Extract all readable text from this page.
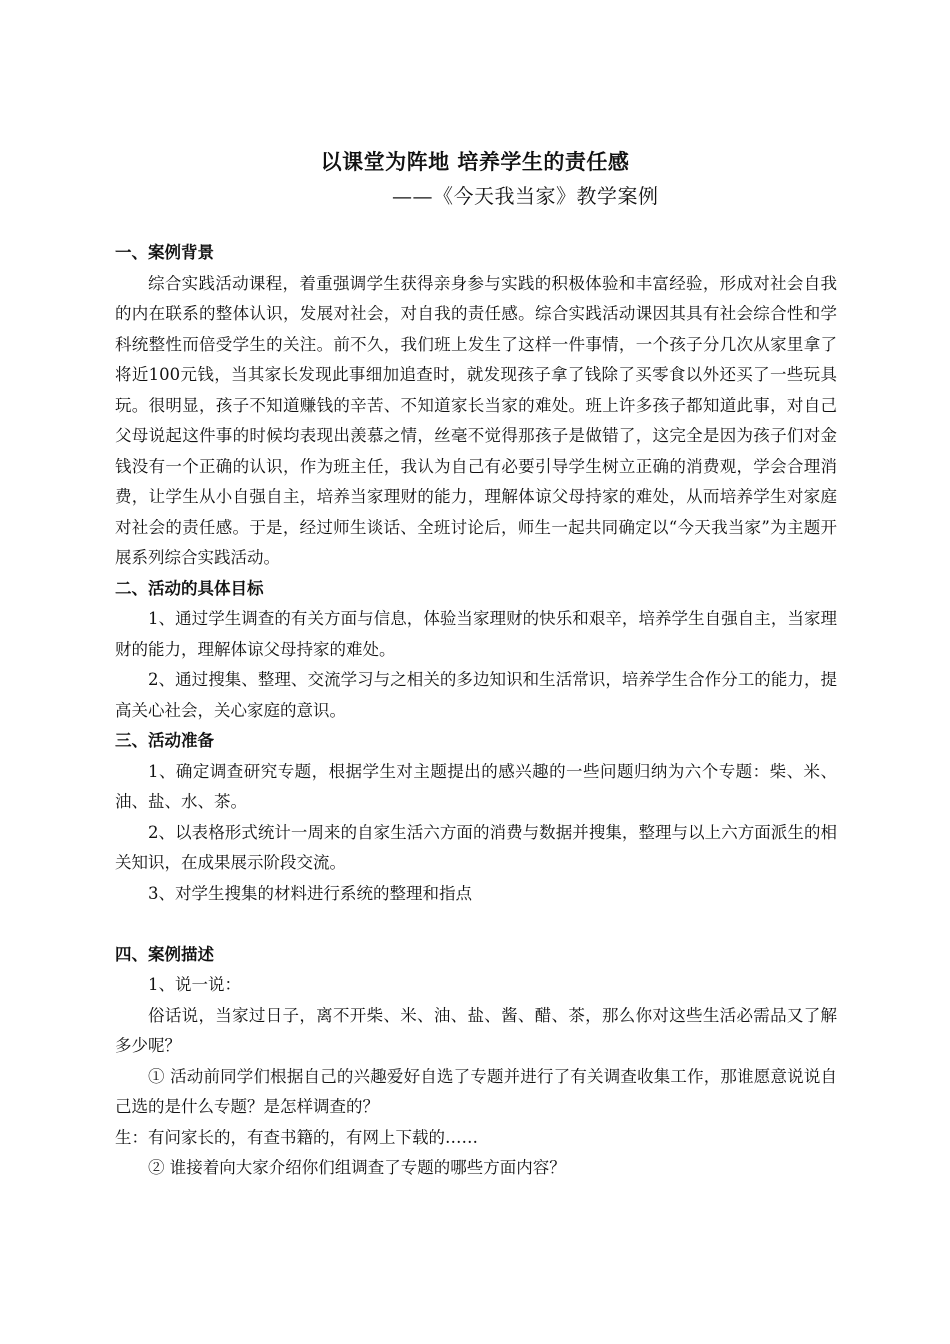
以课堂为阵地 培养学生的责任感
——《今天我当家》教学案例

一、案例背景

综合实践活动课程，着重强调学生获得亲身参与实践的积极体验和丰富经验，形成对社会自我的内在联系的整体认识，发展对社会，对自我的责任感。综合实践活动课因其具有社会综合性和学科统整性而倍受学生的关注。前不久，我们班上发生了这样一件事情，一个孩子分几次从家里拿了将近100元钱，当其家长发现此事细加追查时，就发现孩子拿了钱除了买零食以外还买了一些玩具玩。很明显，孩子不知道赚钱的辛苦、不知道家长当家的难处。班上许多孩子都知道此事，对自己父母说起这件事的时候均表现出羡慕之情，丝毫不觉得那孩子是做错了，这完全是因为孩子们对金钱没有一个正确的认识，作为班主任，我认为自己有必要引导学生树立正确的消费观，学会合理消费，让学生从小自强自主，培养当家理财的能力，理解体谅父母持家的难处，从而培养学生对家庭对社会的责任感。于是，经过师生谈话、全班讨论后，师生一起共同确定以“今天我当家”为主题开展系列综合实践活动。

二、活动的具体目标

1、通过学生调查的有关方面与信息，体验当家理财的快乐和艰辛，培养学生自强自主，当家理财的能力，理解体谅父母持家的难处。

2、通过搜集、整理、交流学习与之相关的多边知识和生活常识，培养学生合作分工的能力，提高关心社会，关心家庭的意识。

三、活动准备

1、确定调查研究专题，根据学生对主题提出的感兴趣的一些问题归纳为六个专题：柴、米、油、盐、水、茶。

2、以表格形式统计一周来的自家生活六方面的消费与数据并搜集，整理与以上六方面派生的相关知识，在成果展示阶段交流。

3、对学生搜集的材料进行系统的整理和指点

四、案例描述

1、说一说：

俗话说，当家过日子，离不开柴、米、油、盐、酱、醋、茶，那么你对这些生活必需品又了解多少呢？

① 活动前同学们根据自己的兴趣爱好自选了专题并进行了有关调查收集工作，那谁愿意说说自己选的是什么专题？是怎样调查的？

生：有问家长的，有查书籍的，有网上下载的……

② 谁接着向大家介绍你们组调查了专题的哪些方面内容？
